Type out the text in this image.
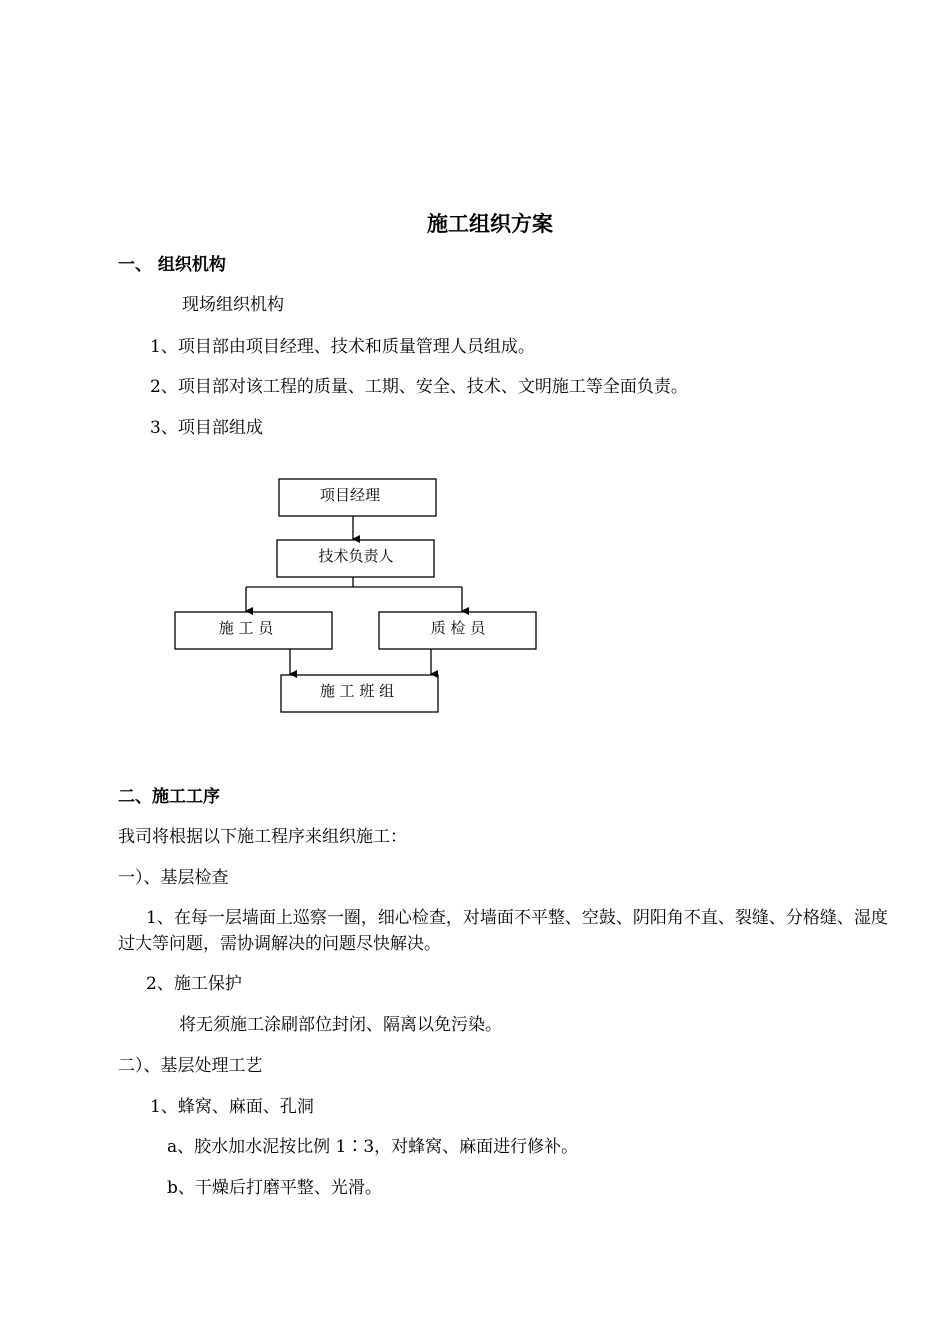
施工组织方案
一、 组织机构
现场组织机构
1、项目部由项目经理、技术和质量管理人员组成。
2、项目部对该工程的质量、工期、安全、技术、文明施工等全面负责。
3、项目部组成
项目经理
技术负责人
施 工 员	质 检 员
施 工 班 组
二、施工工序
我司将根据以下施工程序来组织施工：
一）、基层检查
1、在每一层墙面上巡察一圈，细心检查，对墙面不平整、空鼓、阴阳角不直、裂缝、分格缝、湿度过大等问题，需协调解决的问题尽快解决。
2、施工保护
将无须施工涂刷部位封闭、隔离以免污染。
二）、基层处理工艺
1、蜂窝、麻面、孔洞
a、胶水加水泥按比例 1∶3，对蜂窝、麻面进行修补。
b、干燥后打磨平整、光滑。
